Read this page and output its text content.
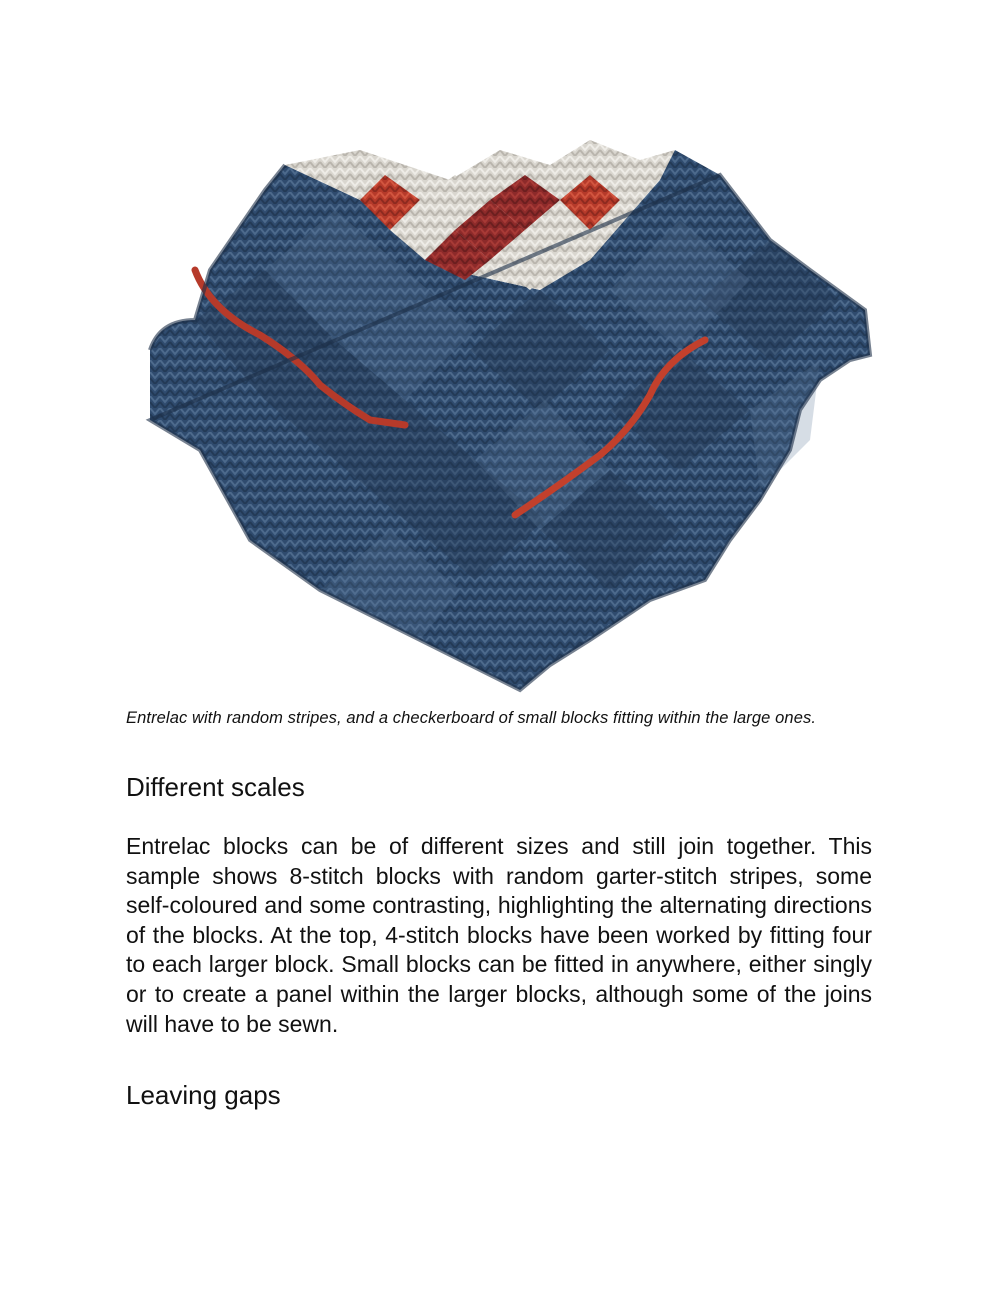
Entrelac with random stripes, and a checkerboard of small blocks fitting within the large ones.
Different scales

Entrelac blocks can be of different sizes and still join together. This sample shows 8-stitch blocks with random garter-stitch stripes, some self-coloured and some contrasting, highlighting the alternating directions of the blocks. At the top, 4-stitch blocks have been worked by fitting four to each larger block. Small blocks can be fitted in anywhere, either singly or to create a panel within the larger blocks, although some of the joins will have to be sewn.

Leaving gaps
